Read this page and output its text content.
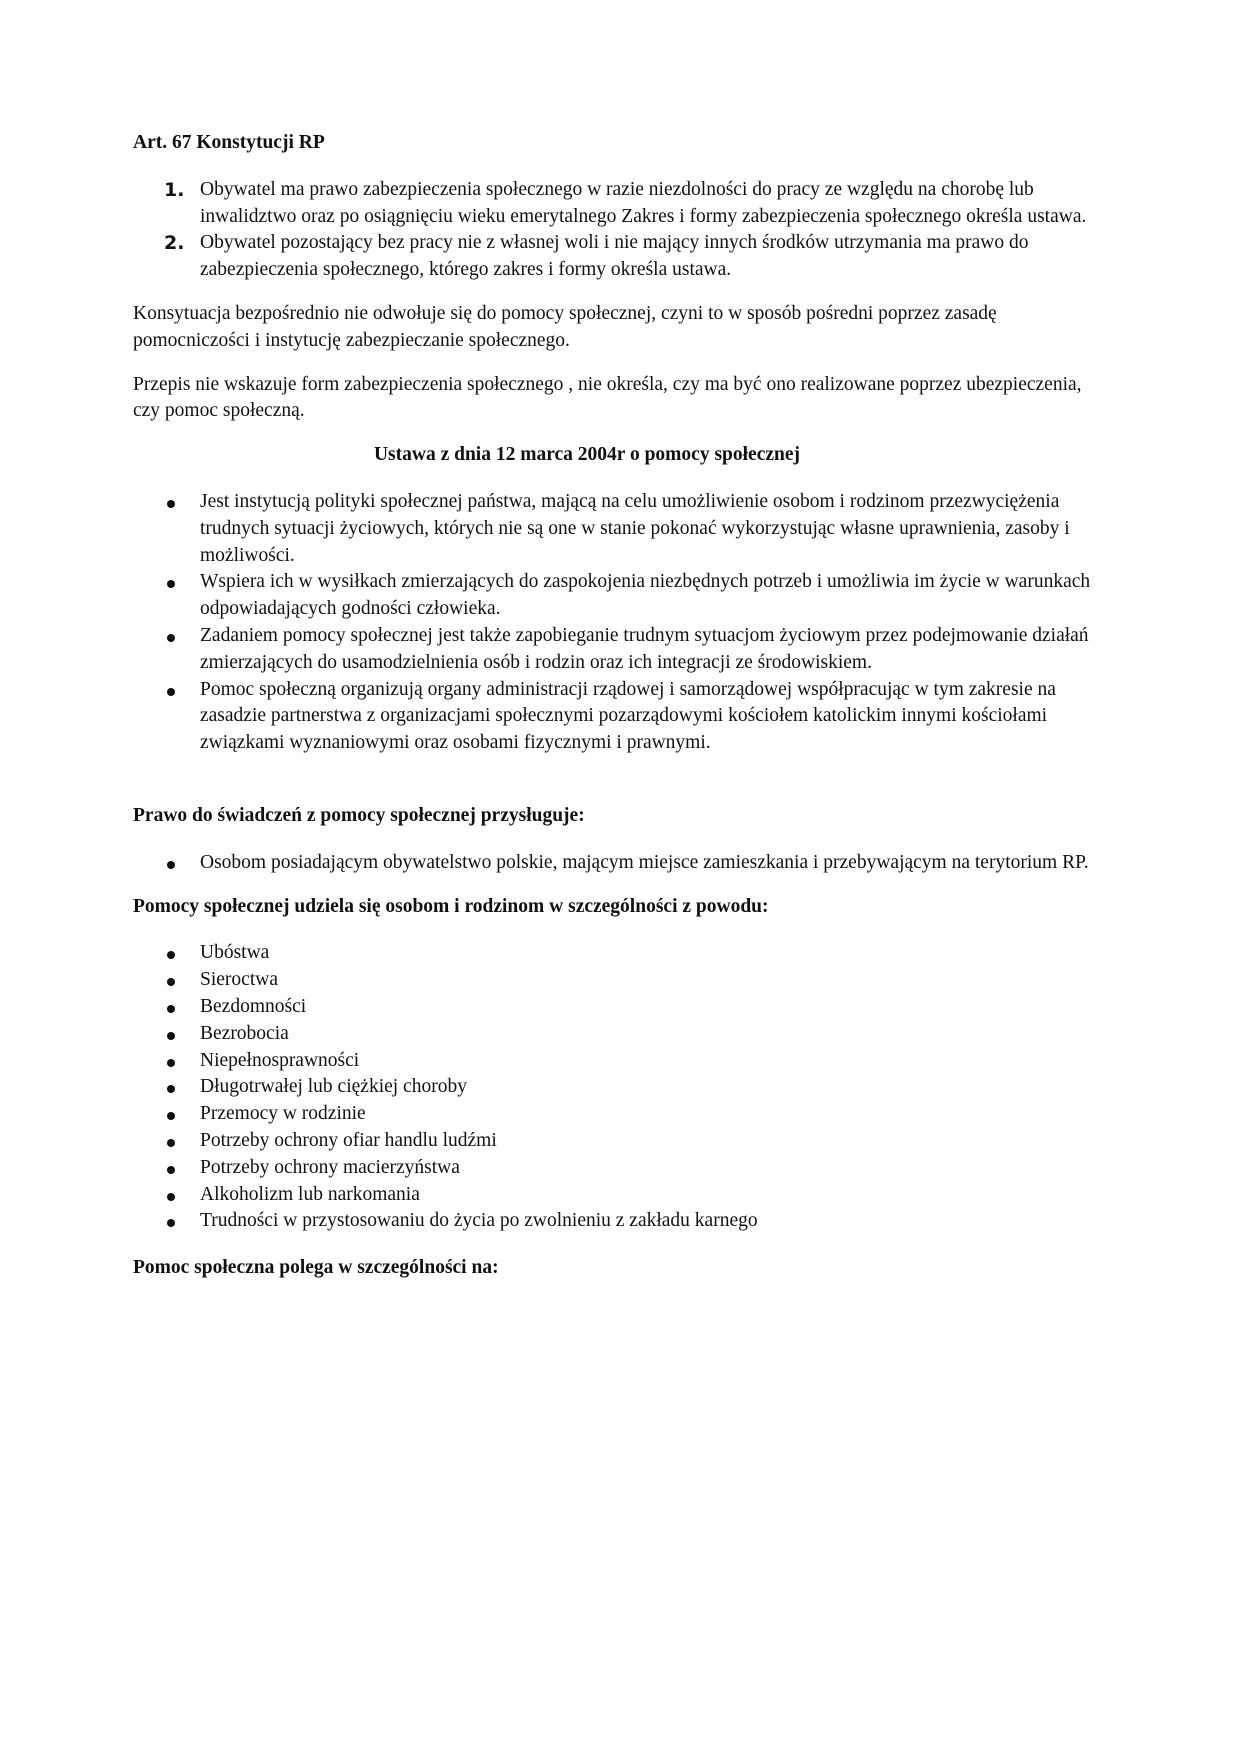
Art. 67 Konstytucji RP

1. Obywatel ma prawo zabezpieczenia społecznego w razie niezdolności do pracy ze względu na chorobę lub inwalidztwo oraz po osiągnięciu wieku emerytalnego Zakres i formy zabezpieczenia społecznego określa ustawa.
2. Obywatel pozostający bez pracy nie z własnej woli i nie mający innych środków utrzymania ma prawo do zabezpieczenia społecznego, którego zakres i formy określa ustawa.

Konsytuacja bezpośrednio nie odwołuje się do pomocy społecznej, czyni to w sposób pośredni poprzez zasadę pomocniczości i instytucję zabezpieczanie społecznego.

Przepis nie wskazuje form zabezpieczenia społecznego , nie określa, czy ma być ono realizowane poprzez ubezpieczenia, czy pomoc społeczną.

Ustawa z dnia 12 marca 2004r o pomocy społecznej

Jest instytucją polityki społecznej państwa, mającą na celu umożliwienie osobom i rodzinom przezwyciężenia trudnych sytuacji życiowych, których nie są one w stanie pokonać wykorzystując własne uprawnienia, zasoby i możliwości.
Wspiera ich w wysiłkach zmierzających do zaspokojenia niezbędnych potrzeb i umożliwia im życie w warunkach odpowiadających godności człowieka.
Zadaniem pomocy społecznej jest także zapobieganie trudnym sytuacjom życiowym przez podejmowanie działań zmierzających do usamodzielnienia osób i rodzin oraz ich integracji ze środowiskiem.
Pomoc społeczną organizują organy administracji rządowej i samorządowej współpracując w tym zakresie na zasadzie partnerstwa z organizacjami społecznymi pozarządowymi kościołem katolickim innymi kościołami związkami wyznaniowymi oraz osobami fizycznymi i prawnymi.

Prawo do świadczeń z pomocy społecznej przysługuje:

Osobom posiadającym obywatelstwo polskie, mającym miejsce zamieszkania i przebywającym na terytorium RP.

Pomocy społecznej udziela się osobom i rodzinom w szczególności z powodu:

Ubóstwa
Sieroctwa
Bezdomności
Bezrobocia
Niepełnosprawności
Długotrwałej lub ciężkiej choroby
Przemocy w rodzinie
Potrzeby ochrony ofiar handlu ludźmi
Potrzeby ochrony macierzyństwa
Alkoholizm lub narkomania
Trudności w przystosowaniu do życia po zwolnieniu z zakładu karnego

Pomoc społeczna polega w szczególności na:
